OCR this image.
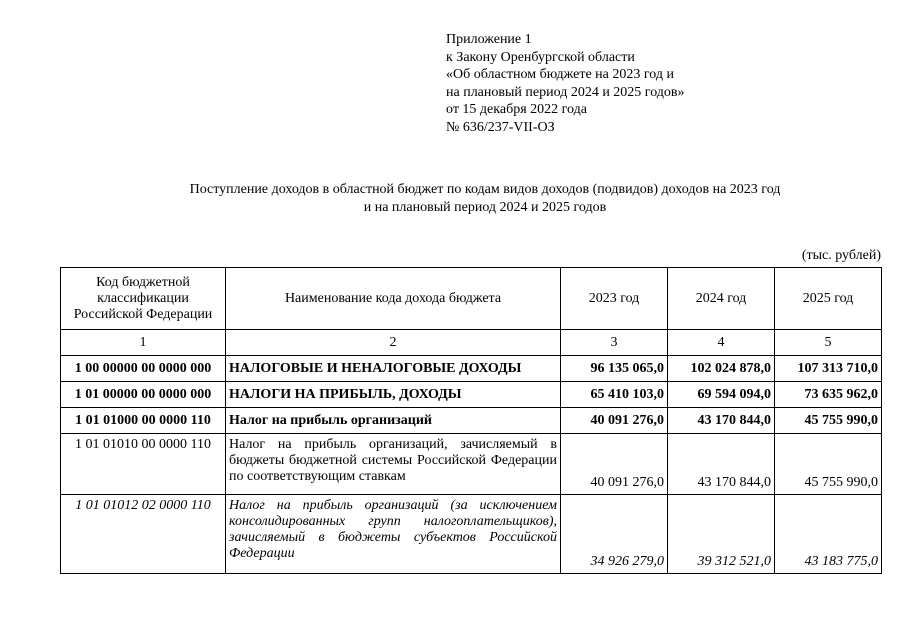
Приложение 1
к Закону Оренбургской области
«Об областном бюджете на 2023 год и
на плановый период 2024 и 2025 годов»
от 15 декабря 2022 года
№ 636/237-VII-ОЗ
Поступление доходов в областной бюджет по кодам видов доходов (подвидов) доходов на 2023 год
и на плановый период 2024 и 2025 годов
(тыс. рублей)
Код бюджетной классификации Российской Федерации	Наименование кода дохода бюджета	2023 год	2024 год	2025 год
1	2	3	4	5
1 00 00000 00 0000 000	НАЛОГОВЫЕ И НЕНАЛОГОВЫЕ ДОХОДЫ	96 135 065,0	102 024 878,0	107 313 710,0
1 01 00000 00 0000 000	НАЛОГИ НА ПРИБЫЛЬ, ДОХОДЫ	65 410 103,0	69 594 094,0	73 635 962,0
1 01 01000 00 0000 110	Налог на прибыль организаций	40 091 276,0	43 170 844,0	45 755 990,0
1 01 01010 00 0000 110	Налог на прибыль организаций, зачисляемый в бюджеты бюджетной системы Российской Федерации по соответствующим ставкам	40 091 276,0	43 170 844,0	45 755 990,0
1 01 01012 02 0000 110	Налог на прибыль организаций (за исключением консолидированных групп налогоплательщиков), зачисляемый в бюджеты субъектов Российской Федерации	34 926 279,0	39 312 521,0	43 183 775,0
